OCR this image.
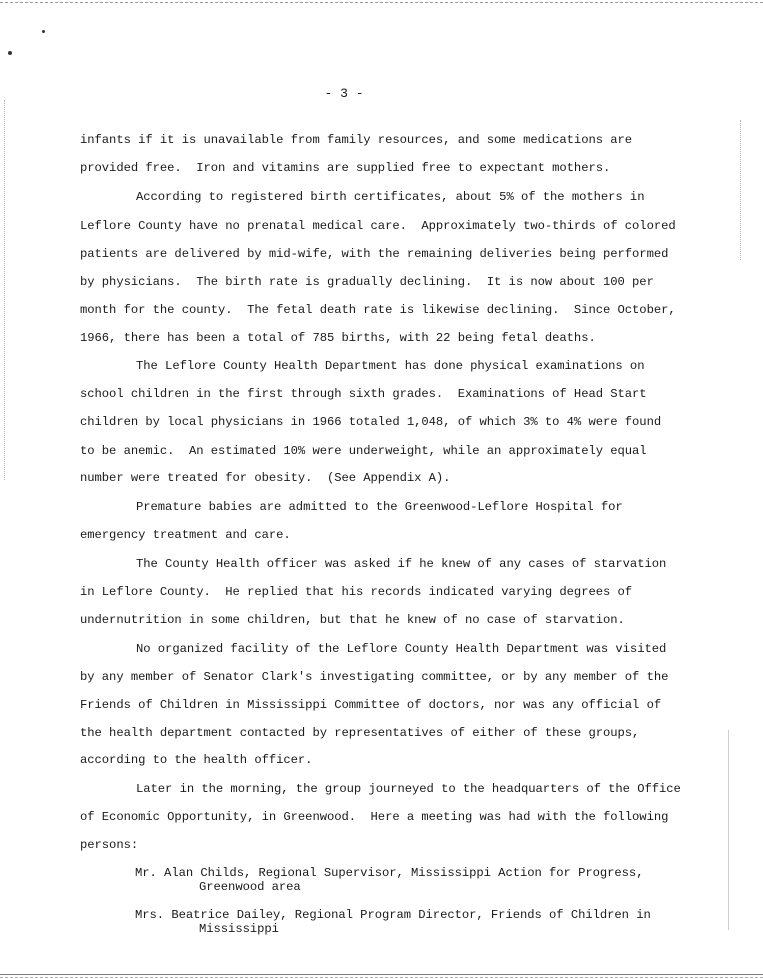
- 3 -
infants if it is unavailable from family resources, and some medications are
provided free.  Iron and vitamins are supplied free to expectant mothers.
According to registered birth certificates, about 5% of the mothers in
Leflore County have no prenatal medical care.  Approximately two-thirds of colored
patients are delivered by mid-wife, with the remaining deliveries being performed
by physicians.  The birth rate is gradually declining.  It is now about 100 per
month for the county.  The fetal death rate is likewise declining.  Since October,
1966, there has been a total of 785 births, with 22 being fetal deaths.
The Leflore County Health Department has done physical examinations on
school children in the first through sixth grades.  Examinations of Head Start
children by local physicians in 1966 totaled 1,048, of which 3% to 4% were found
to be anemic.  An estimated 10% were underweight, while an approximately equal
number were treated for obesity.  (See Appendix A).
Premature babies are admitted to the Greenwood-Leflore Hospital for
emergency treatment and care.
The County Health officer was asked if he knew of any cases of starvation
in Leflore County.  He replied that his records indicated varying degrees of
undernutrition in some children, but that he knew of no case of starvation.
No organized facility of the Leflore County Health Department was visited
by any member of Senator Clark's investigating committee, or by any member of the
Friends of Children in Mississippi Committee of doctors, nor was any official of
the health department contacted by representatives of either of these groups,
according to the health officer.
Later in the morning, the group journeyed to the headquarters of the Office
of Economic Opportunity, in Greenwood.  Here a meeting was had with the following
persons:
Mr. Alan Childs, Regional Supervisor, Mississippi Action for Progress,
Greenwood area
Mrs. Beatrice Dailey, Regional Program Director, Friends of Children in
Mississippi
